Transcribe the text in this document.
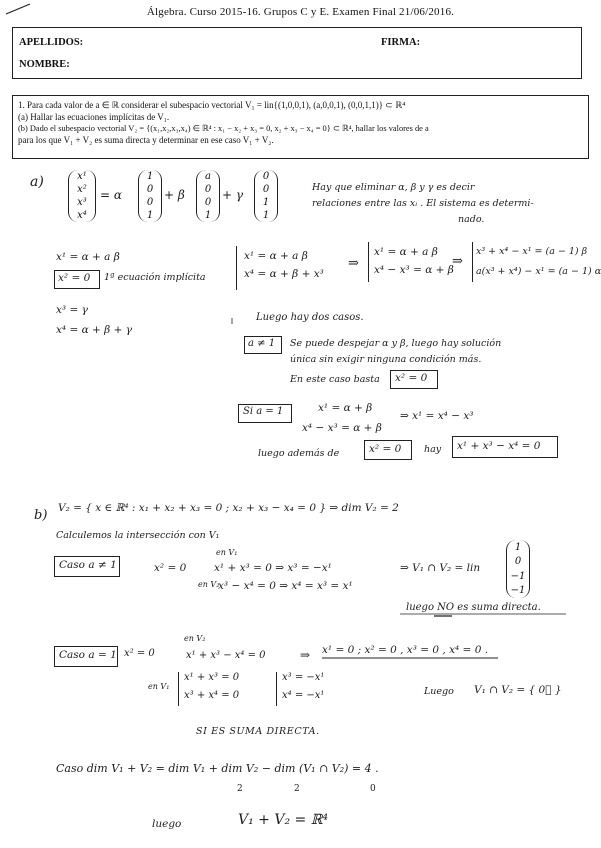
Álgebra. Curso 2015-16. Grupos C y E. Examen Final 21/06/2016.
APELLIDOS:
NOMBRE:
FIRMA:

1. Para cada valor de a ∈ ℝ considerar el subespacio vectorial V₁ = lin{(1,0,0,1), (a,0,0,1), (0,0,1,1)} ⊂ ℝ⁴

(a) Hallar las ecuaciones implícitas de V₁.

(b) Dado el subespacio vectorial V₂ = {(x₁,x₂,x₃,x₄) ∈ ℝ⁴ : x₁ − x₂ + x₃ = 0, x₂ + x₃ − x₄ = 0} ⊂ ℝ⁴, hallar los valores de a

para los que V₁ + V₂ es suma directa y determinar en ese caso V₁ + V₂.

a)	x¹
x²
x³
x⁴
= α
1
0
0
1
+ β
a
0
0
1
+ γ
0
0
1
1
Hay que eliminar α, β y γ es decir
relaciones entre las xᵢ . El sistema es determi-
nado.
x¹ = α + a β
x² = 0 1ª ecuación implícita
x³ = γ
x⁴ = α + β + γ
x¹ = α + a β
x⁴ = α + β + x³
⇒
x¹ = α + a β
x⁴ − x³ = α + β
⇒
x³ + x⁴ − x¹ = (a − 1) β
a(x³ + x⁴) − x¹ = (a − 1) α
Luego hay dos casos.
a ≠ 1 Se puede despejar α y β, luego hay solución
única sin exigir ninguna condición más.
En este caso basta x² = 0
Si a = 1	x¹ = α + β
x⁴ − x³ = α + β
⇒ x¹ = x⁴ − x³
luego además de	x² = 0 hay x¹ + x³ − x⁴ = 0
b) V₂ = { x ∈ ℝ⁴ : x₁ + x₂ + x₃ = 0 ; x₂ + x₃ − x₄ = 0 } ⇒ dim V₂ = 2
Calculemos la intersección con V₁
Caso a ≠ 1	x² = 0
en V₁
x¹ + x³ = 0 ⇒ x³ = −x¹
en V₂
x³ − x⁴ = 0 ⇒ x⁴ = x³ = x¹
⇒ V₁ ∩ V₂ = lin
1
0
−1
−1
luego NO es suma directa.
Caso a = 1 x² = 0
en V₂
x¹ + x³ − x⁴ = 0	⇒ x¹ = 0 ; x² = 0 , x³ = 0 , x⁴ = 0 .
en V₁
x¹ + x³ = 0
x³ + x⁴ = 0
x³ = −x¹
x⁴ = −x¹	Luego V₁ ∩ V₂ = { 0⃗ }
SI ES SUMA DIRECTA.
Caso dim V₁ + V₂ = dim V₁ + dim V₂ − dim (V₁ ∩ V₂) = 4 .
2	2	0
luego	V₁ + V₂ = ℝ⁴
